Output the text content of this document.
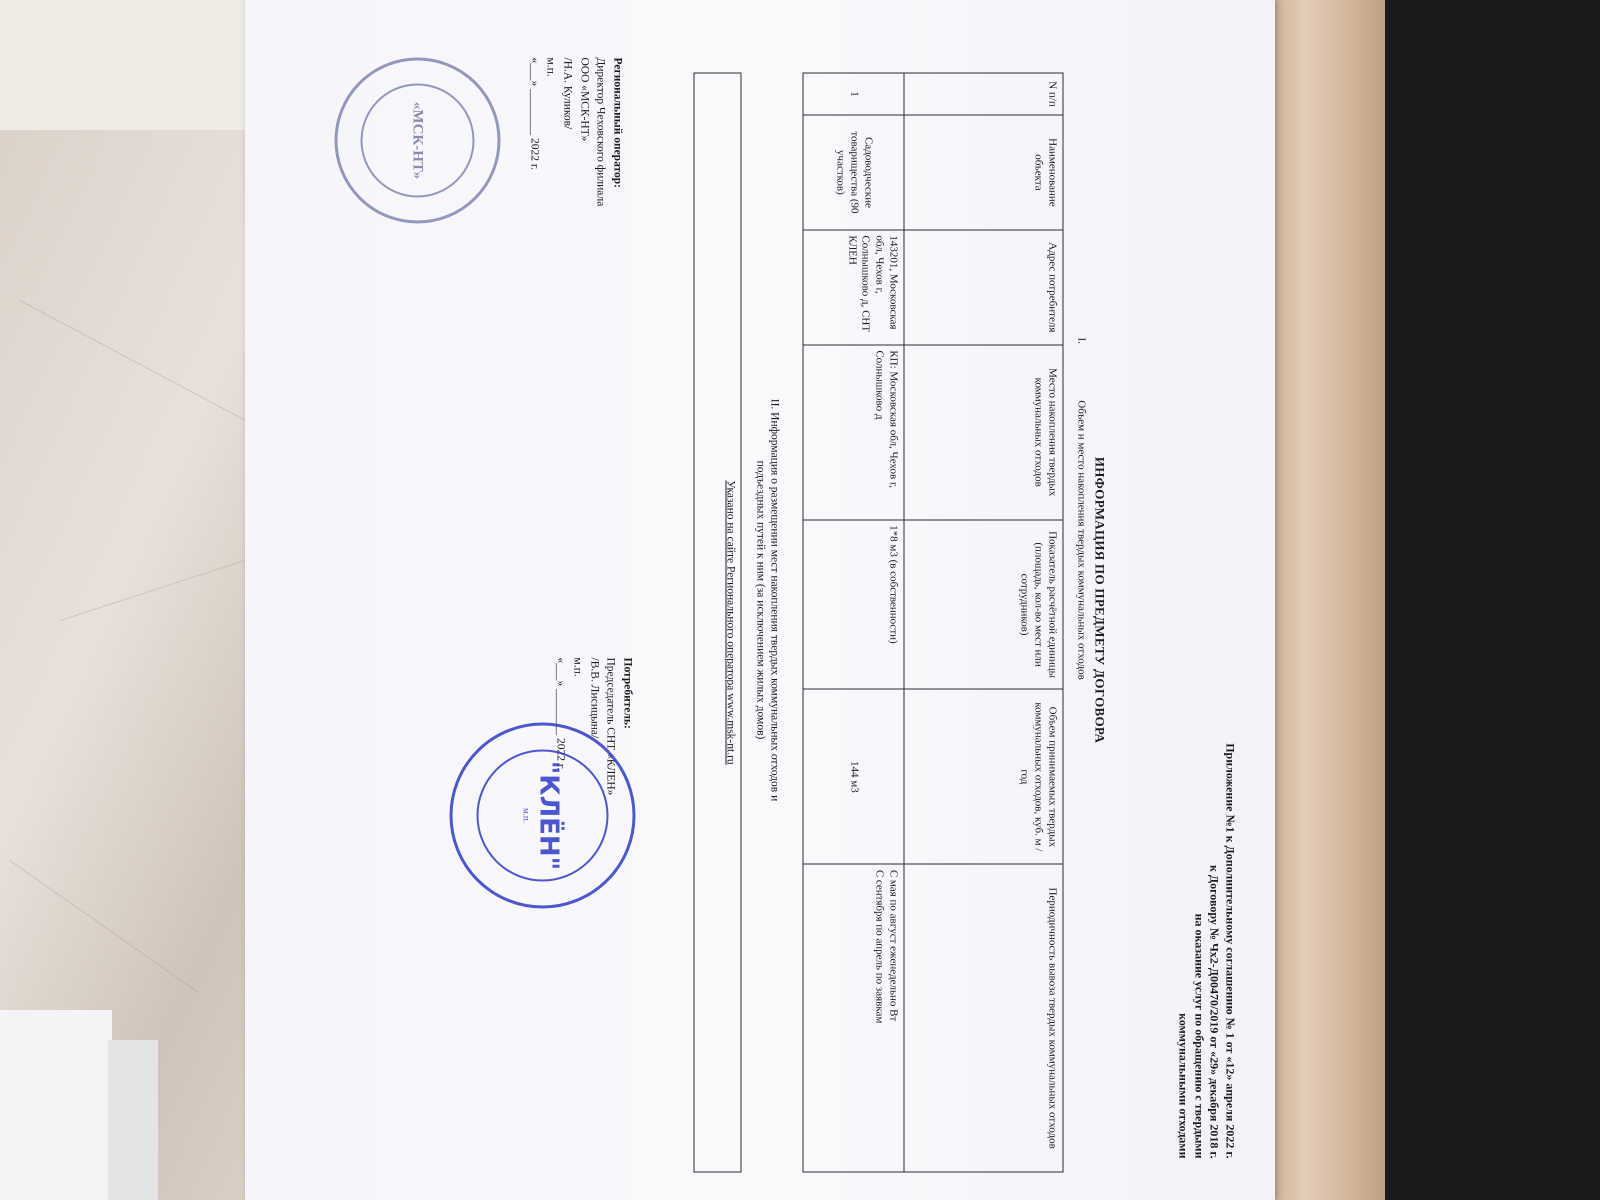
Приложение №1 к Дополнительному соглашению № 1 от «12» апреля 2022 г.
к Договору № Чх2-Д00470/2019 от «29» декабря 2018 г.
на оказание услуг по обращению с твердыми
коммунальными отходами
ИНФОРМАЦИЯ ПО ПРЕДМЕТУ ДОГОВОРА
I. Объем и место накопления твердых коммунальных отходов
N п/п	Наименование объекта	Адрес потребителя	Место накопления твердых коммунальных отходов	Показатель расчётной единицы (площадь, кол-во мест или сотрудников)	Объем принимаемых твердых коммунальных отходов, куб. м /год	Периодичность вывоза твердых коммунальных отходов
1	Садоводческие товарищества (90 участков)	143201, Московская обл, Чехов г, Солнышково д, СНТ КЛЕН	КП: Московская обл, Чехов г, Солнышково д	1*8 м3 (в собственности)	144 м3	С мая по август еженедельно Вт
С сентября по апрель по заявкам
II. Информация о размещении мест накопления твердых коммунальных отходов и
подъездных путей к ним (за исключением жилых домов)
Указано на сайте Регионального оператора www.msk-nt.ru
Региональный оператор:
Директор Чеховского филиала
ООО «МСК-НТ»
/Н.А. Куликов/
м.п.
«___» ________ 2022 г.
Потребитель:
Председатель СНТ «КЛЕН»
/В.В. Лисицына/
м.п.
«___» ________ 2022 г.
"КЛЁН"
м.п.
«МСК-НТ»
